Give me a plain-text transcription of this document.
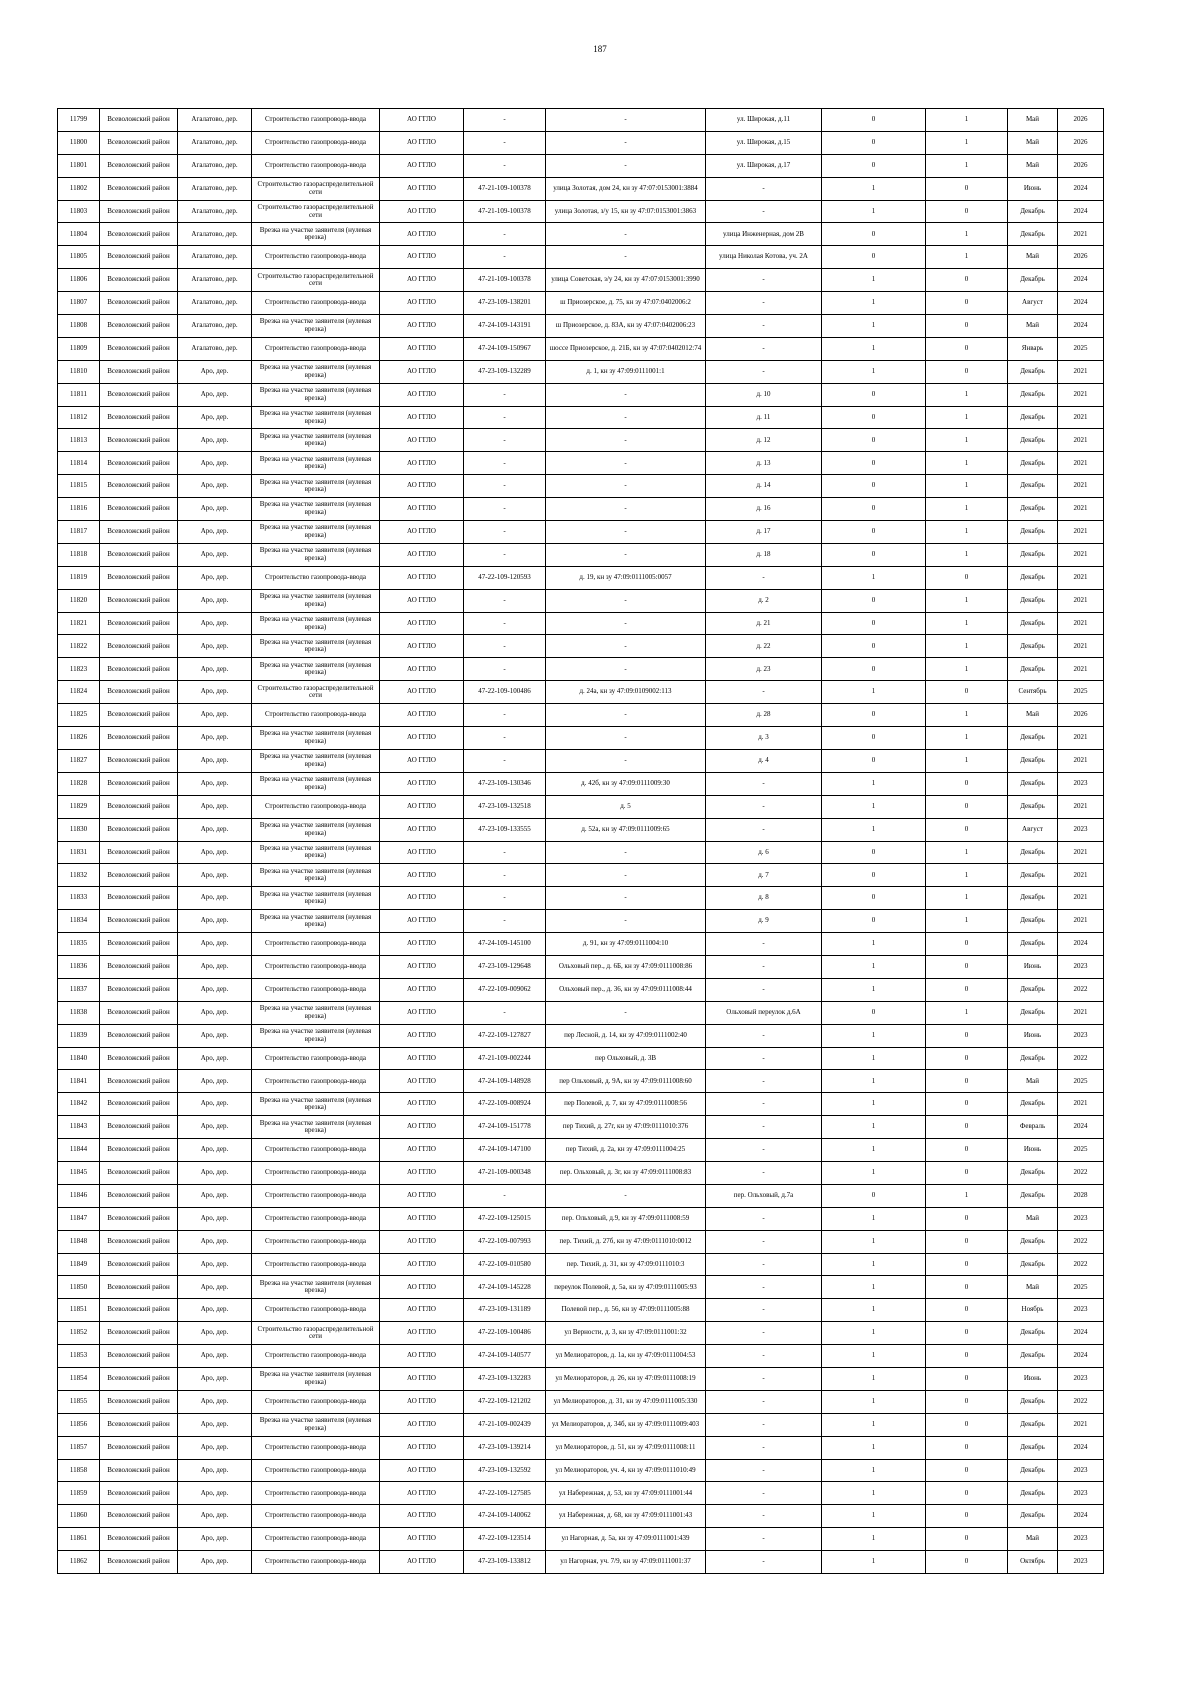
187
11799	Всеволожский район	Агалатово, дер.	Строительство газопровода-ввода	АО ГГЛО	-	-	ул. Широкая, д.11	0	1	Май	2026
11800	Всеволожский район	Агалатово, дер.	Строительство газопровода-ввода	АО ГГЛО	-	-	ул. Широкая, д.15	0	1	Май	2026
11801	Всеволожский район	Агалатово, дер.	Строительство газопровода-ввода	АО ГГЛО	-	-	ул. Широкая, д.17	0	1	Май	2026
11802	Всеволожский район	Агалатово, дер.	Строительство газораспределительной сети	АО ГГЛО	47-21-109-100378	улица Золотая, дом 24, кн зу 47:07:0153001:3884	-	1	0	Июнь	2024
11803	Всеволожский район	Агалатово, дер.	Строительство газораспределительной сети	АО ГГЛО	47-21-109-100378	улица Золотая, з/у 15, кн зу 47:07:0153001:3863	-	1	0	Декабрь	2024
11804	Всеволожский район	Агалатово, дер.	Врезка на участке заявителя (нулевая врезка)	АО ГГЛО	-	-	улица Инженерная, дом 2В	0	1	Декабрь	2021
11805	Всеволожский район	Агалатово, дер.	Строительство газопровода-ввода	АО ГГЛО	-	-	улица Николая Котова, уч. 2А	0	1	Май	2026
11806	Всеволожский район	Агалатово, дер.	Строительство газораспределительной сети	АО ГГЛО	47-21-109-100378	улица Советская, з/у 24, кн зу 47:07:0153001:3990	-	1	0	Декабрь	2024
11807	Всеволожский район	Агалатово, дер.	Строительство газопровода-ввода	АО ГГЛО	47-23-109-138201	ш Приозерское, д. 75, кн зу 47:07:0402006:2	-	1	0	Август	2024
11808	Всеволожский район	Агалатово, дер.	Врезка на участке заявителя (нулевая врезка)	АО ГГЛО	47-24-109-143191	ш Приозерское, д. 83А, кн зу 47:07:0402006:23	-	1	0	Май	2024
11809	Всеволожский район	Агалатово, дер.	Строительство газопровода-ввода	АО ГГЛО	47-24-109-150967	шоссе Приозерское, д. 21Б, кн зу 47:07:0402012:74	-	1	0	Январь	2025
11810	Всеволожский район	Аро, дер.	Врезка на участке заявителя (нулевая врезка)	АО ГГЛО	47-23-109-132289	д. 1, кн зу 47:09:0111001:1	-	1	0	Декабрь	2021
11811	Всеволожский район	Аро, дер.	Врезка на участке заявителя (нулевая врезка)	АО ГГЛО	-	-	д. 10	0	1	Декабрь	2021
11812	Всеволожский район	Аро, дер.	Врезка на участке заявителя (нулевая врезка)	АО ГГЛО	-	-	д. 11	0	1	Декабрь	2021
11813	Всеволожский район	Аро, дер.	Врезка на участке заявителя (нулевая врезка)	АО ГГЛО	-	-	д. 12	0	1	Декабрь	2021
11814	Всеволожский район	Аро, дер.	Врезка на участке заявителя (нулевая врезка)	АО ГГЛО	-	-	д. 13	0	1	Декабрь	2021
11815	Всеволожский район	Аро, дер.	Врезка на участке заявителя (нулевая врезка)	АО ГГЛО	-	-	д. 14	0	1	Декабрь	2021
11816	Всеволожский район	Аро, дер.	Врезка на участке заявителя (нулевая врезка)	АО ГГЛО	-	-	д. 16	0	1	Декабрь	2021
11817	Всеволожский район	Аро, дер.	Врезка на участке заявителя (нулевая врезка)	АО ГГЛО	-	-	д. 17	0	1	Декабрь	2021
11818	Всеволожский район	Аро, дер.	Врезка на участке заявителя (нулевая врезка)	АО ГГЛО	-	-	д. 18	0	1	Декабрь	2021
11819	Всеволожский район	Аро, дер.	Строительство газопровода-ввода	АО ГГЛО	47-22-109-120593	д. 19, кн зу 47:09:0111005:0057	-	1	0	Декабрь	2021
11820	Всеволожский район	Аро, дер.	Врезка на участке заявителя (нулевая врезка)	АО ГГЛО	-	-	д. 2	0	1	Декабрь	2021
11821	Всеволожский район	Аро, дер.	Врезка на участке заявителя (нулевая врезка)	АО ГГЛО	-	-	д. 21	0	1	Декабрь	2021
11822	Всеволожский район	Аро, дер.	Врезка на участке заявителя (нулевая врезка)	АО ГГЛО	-	-	д. 22	0	1	Декабрь	2021
11823	Всеволожский район	Аро, дер.	Врезка на участке заявителя (нулевая врезка)	АО ГГЛО	-	-	д. 23	0	1	Декабрь	2021
11824	Всеволожский район	Аро, дер.	Строительство газораспределительной сети	АО ГГЛО	47-22-109-100486	д. 24а, кн зу 47:09:0109002:113	-	1	0	Сентябрь	2025
11825	Всеволожский район	Аро, дер.	Строительство газопровода-ввода	АО ГГЛО	-	-	д. 28	0	1	Май	2026
11826	Всеволожский район	Аро, дер.	Врезка на участке заявителя (нулевая врезка)	АО ГГЛО	-	-	д. 3	0	1	Декабрь	2021
11827	Всеволожский район	Аро, дер.	Врезка на участке заявителя (нулевая врезка)	АО ГГЛО	-	-	д. 4	0	1	Декабрь	2021
11828	Всеволожский район	Аро, дер.	Врезка на участке заявителя (нулевая врезка)	АО ГГЛО	47-23-109-130346	д. 42б, кн зу 47:09:0111009:30	-	1	0	Декабрь	2023
11829	Всеволожский район	Аро, дер.	Строительство газопровода-ввода	АО ГГЛО	47-23-109-132518	д. 5	-	1	0	Декабрь	2021
11830	Всеволожский район	Аро, дер.	Врезка на участке заявителя (нулевая врезка)	АО ГГЛО	47-23-109-133555	д. 52а, кн зу 47:09:0111009:65	-	1	0	Август	2023
11831	Всеволожский район	Аро, дер.	Врезка на участке заявителя (нулевая врезка)	АО ГГЛО	-	-	д. 6	0	1	Декабрь	2021
11832	Всеволожский район	Аро, дер.	Врезка на участке заявителя (нулевая врезка)	АО ГГЛО	-	-	д. 7	0	1	Декабрь	2021
11833	Всеволожский район	Аро, дер.	Врезка на участке заявителя (нулевая врезка)	АО ГГЛО	-	-	д. 8	0	1	Декабрь	2021
11834	Всеволожский район	Аро, дер.	Врезка на участке заявителя (нулевая врезка)	АО ГГЛО	-	-	д. 9	0	1	Декабрь	2021
11835	Всеволожский район	Аро, дер.	Строительство газопровода-ввода	АО ГГЛО	47-24-109-145100	д. 91, кн зу 47:09:0111004:10	-	1	0	Декабрь	2024
11836	Всеволожский район	Аро, дер.	Строительство газопровода-ввода	АО ГГЛО	47-23-109-129648	Ольховый пер., д. 6Б, кн зу 47:09:0111008:86	-	1	0	Июнь	2023
11837	Всеволожский район	Аро, дер.	Строительство газопровода-ввода	АО ГГЛО	47-22-109-009062	Ольховый пер., д. 36, кн зу 47:09:0111008:44	-	1	0	Декабрь	2022
11838	Всеволожский район	Аро, дер.	Врезка на участке заявителя (нулевая врезка)	АО ГГЛО	-	-	Ольховый переулок д.6А	0	1	Декабрь	2021
11839	Всеволожский район	Аро, дер.	Врезка на участке заявителя (нулевая врезка)	АО ГГЛО	47-22-109-127827	пер Лесной, д. 14, кн зу 47:09:0111002:40	-	1	0	Июнь	2023
11840	Всеволожский район	Аро, дер.	Строительство газопровода-ввода	АО ГГЛО	47-21-109-002244	пер Ольховый, д. 3В	-	1	0	Декабрь	2022
11841	Всеволожский район	Аро, дер.	Строительство газопровода-ввода	АО ГГЛО	47-24-109-148928	пер Ольховый, д. 9А, кн зу 47:09:0111008:60	-	1	0	Май	2025
11842	Всеволожский район	Аро, дер.	Врезка на участке заявителя (нулевая врезка)	АО ГГЛО	47-22-109-008924	пер Полевой, д. 7, кн зу 47:09:0111008:56	-	1	0	Декабрь	2021
11843	Всеволожский район	Аро, дер.	Врезка на участке заявителя (нулевая врезка)	АО ГГЛО	47-24-109-151778	пер Тихий, д. 27г, кн зу 47:09:0111010:376	-	1	0	Февраль	2024
11844	Всеволожский район	Аро, дер.	Строительство газопровода-ввода	АО ГГЛО	47-24-109-147100	пер Тихий, д. 2а, кн зу 47:09:0111004:25	-	1	0	Июнь	2025
11845	Всеволожский район	Аро, дер.	Строительство газопровода-ввода	АО ГГЛО	47-21-109-000348	пер. Ольховый, д. 3г, кн зу 47:09:0111008:83	-	1	0	Декабрь	2022
11846	Всеволожский район	Аро, дер.	Строительство газопровода-ввода	АО ГГЛО	-	-	пер. Ольховый, д.7а	0	1	Декабрь	2028
11847	Всеволожский район	Аро, дер.	Строительство газопровода-ввода	АО ГГЛО	47-22-109-125015	пер. Ольховый, д.9, кн зу 47:09:0111008:59	-	1	0	Май	2023
11848	Всеволожский район	Аро, дер.	Строительство газопровода-ввода	АО ГГЛО	47-22-109-007993	пер. Тихий, д. 27б, кн зу 47:09:0111010:0012	-	1	0	Декабрь	2022
11849	Всеволожский район	Аро, дер.	Строительство газопровода-ввода	АО ГГЛО	47-22-109-010580	пер. Тихий, д. 31, кн зу 47:09:0111010:3	-	1	0	Декабрь	2022
11850	Всеволожский район	Аро, дер.	Врезка на участке заявителя (нулевая врезка)	АО ГГЛО	47-24-109-145228	переулок Полевой, д. 5а, кн зу 47:09:0111005:93	-	1	0	Май	2025
11851	Всеволожский район	Аро, дер.	Строительство газопровода-ввода	АО ГГЛО	47-23-109-131189	Полевой пер., д. 56, кн зу 47:09:0111005:88	-	1	0	Ноябрь	2023
11852	Всеволожский район	Аро, дер.	Строительство газораспределительной сети	АО ГГЛО	47-22-109-100486	ул Верности, д. 3, кн зу 47:09:0111001:32	-	1	0	Декабрь	2024
11853	Всеволожский район	Аро, дер.	Строительство газопровода-ввода	АО ГГЛО	47-24-109-140577	ул Мелиораторов, д. 1а, кн зу 47:09:0111004:53	-	1	0	Декабрь	2024
11854	Всеволожский район	Аро, дер.	Врезка на участке заявителя (нулевая врезка)	АО ГГЛО	47-23-109-132283	ул Мелиораторов, д. 26, кн зу 47:09:0111008:19	-	1	0	Июнь	2023
11855	Всеволожский район	Аро, дер.	Строительство газопровода-ввода	АО ГГЛО	47-22-109-121202	ул Мелиораторов, д. 31, кн зу 47:09:0111005:330	-	1	0	Декабрь	2022
11856	Всеволожский район	Аро, дер.	Врезка на участке заявителя (нулевая врезка)	АО ГГЛО	47-21-109-002439	ул Мелиораторов, д. 34б, кн зу 47:09:0111009:403	-	1	0	Декабрь	2021
11857	Всеволожский район	Аро, дер.	Строительство газопровода-ввода	АО ГГЛО	47-23-109-139214	ул Мелиораторов, д. 51, кн зу 47:09:0111008:11	-	1	0	Декабрь	2024
11858	Всеволожский район	Аро, дер.	Строительство газопровода-ввода	АО ГГЛО	47-23-109-132592	ул Мелиораторов, уч. 4, кн зу 47:09:0111010:49	-	1	0	Декабрь	2023
11859	Всеволожский район	Аро, дер.	Строительство газопровода-ввода	АО ГГЛО	47-22-109-127585	ул Набережная, д. 53, кн зу 47:09:0111001:44	-	1	0	Декабрь	2023
11860	Всеволожский район	Аро, дер.	Строительство газопровода-ввода	АО ГГЛО	47-24-109-140062	ул Набережная, д. 68, кн зу 47:09:0111001:43	-	1	0	Декабрь	2024
11861	Всеволожский район	Аро, дер.	Строительство газопровода-ввода	АО ГГЛО	47-22-109-123514	ул Нагорная, д. 5а, кн зу 47:09:0111001:439	-	1	0	Май	2023
11862	Всеволожский район	Аро, дер.	Строительство газопровода-ввода	АО ГГЛО	47-23-109-133812	ул Нагорная, уч. 7/9, кн зу 47:09:0111001:37	-	1	0	Октябрь	2023
